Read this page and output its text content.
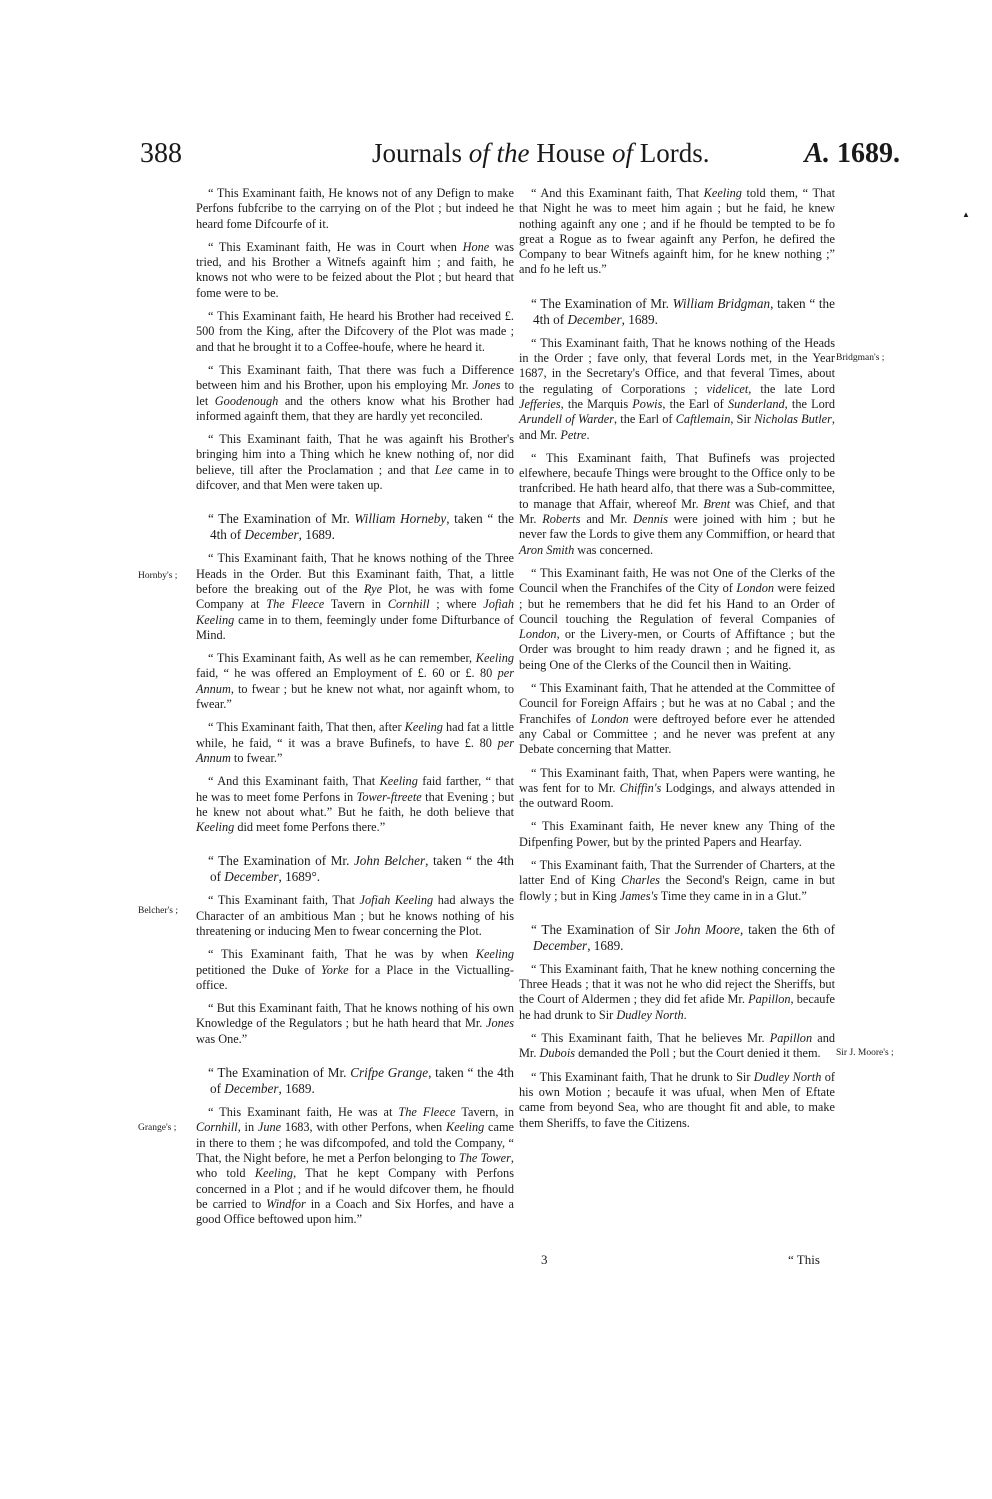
388	Journals of the House of Lords.	A. 1689.
▲
Hornby's ;
Belcher's ;
Grange's ;
Bridgman's ;
Sir J. Moore's ;

“ This Examinant faith, He knows not of any Defign to make Perfons fubfcribe to the carrying on of the Plot ; but indeed he heard fome Difcourfe of it.

“ This Examinant faith, He was in Court when Hone was tried, and his Brother a Witnefs againft him ; and faith, he knows not who were to be feized about the Plot ; but heard that fome were to be.

“ This Examinant faith, He heard his Brother had received £. 500 from the King, after the Difcovery of the Plot was made ; and that he brought it to a Coffee-houfe, where he heard it.

“ This Examinant faith, That there was fuch a Difference between him and his Brother, upon his employing Mr. Jones to let Goodenough and the others know what his Brother had informed againft them, that they are hardly yet reconciled.

“ This Examinant faith, That he was againft his Brother's bringing him into a Thing which he knew nothing of, nor did believe, till after the Proclamation ; and that Lee came in to difcover, and that Men were taken up.

“ The Examination of Mr. William Horneby, taken “ the 4th of December, 1689.

“ This Examinant faith, That he knows nothing of the Three Heads in the Order. But this Examinant faith, That, a little before the breaking out of the Rye Plot, he was with fome Company at The Fleece Tavern in Cornhill ; where Jofiah Keeling came in to them, feemingly under fome Difturbance of Mind.

“ This Examinant faith, As well as he can remember, Keeling faid, “ he was offered an Employment of £. 60 or £. 80 per Annum, to fwear ; but he knew not what, nor againft whom, to fwear.”

“ This Examinant faith, That then, after Keeling had fat a little while, he faid, “ it was a brave Bufinefs, to have £. 80 per Annum to fwear.”

“ And this Examinant faith, That Keeling faid farther, “ that he was to meet fome Perfons in Tower-ftreete that Evening ; but he knew not about what.” But he faith, he doth believe that Keeling did meet fome Perfons there.”

“ The Examination of Mr. John Belcher, taken “ the 4th of December, 1689°.

“ This Examinant faith, That Jofiah Keeling had always the Character of an ambitious Man ; but he knows nothing of his threatening or inducing Men to fwear concerning the Plot.

“ This Examinant faith, That he was by when Keeling petitioned the Duke of Yorke for a Place in the Victualling-office.

“ But this Examinant faith, That he knows nothing of his own Knowledge of the Regulators ; but he hath heard that Mr. Jones was One.”

“ The Examination of Mr. Crifpe Grange, taken “ the 4th of December, 1689.

“ This Examinant faith, He was at The Fleece Tavern, in Cornhill, in June 1683, with other Perfons, when Keeling came in there to them ; he was difcompofed, and told the Company, “ That, the Night before, he met a Perfon belonging to The Tower, who told Keeling, That he kept Company with Perfons concerned in a Plot ; and if he would difcover them, he fhould be carried to Windfor in a Coach and Six Horfes, and have a good Office beftowed upon him.”

“ And this Examinant faith, That Keeling told them, “ That that Night he was to meet him again ; but he faid, he knew nothing againft any one ; and if he fhould be tempted to be fo great a Rogue as to fwear againft any Perfon, he defired the Company to bear Witnefs againft him, for he knew nothing ;” and fo he left us.”

“ The Examination of Mr. William Bridgman, taken “ the 4th of December, 1689.

“ This Examinant faith, That he knows nothing of the Heads in the Order ; fave only, that feveral Lords met, in the Year 1687, in the Secretary's Office, and that feveral Times, about the regulating of Corporations ; videlicet, the late Lord Jefferies, the Marquis Powis, the Earl of Sunderland, the Lord Arundell of Warder, the Earl of Caftlemain, Sir Nicholas Butler, and Mr. Petre.

“ This Examinant faith, That Bufinefs was projected elfewhere, becaufe Things were brought to the Office only to be tranfcribed. He hath heard alfo, that there was a Sub-committee, to manage that Affair, whereof Mr. Brent was Chief, and that Mr. Roberts and Mr. Dennis were joined with him ; but he never faw the Lords to give them any Commiffion, or heard that Aron Smith was concerned.

“ This Examinant faith, He was not One of the Clerks of the Council when the Franchifes of the City of London were feized ; but he remembers that he did fet his Hand to an Order of Council touching the Regulation of feveral Companies of London, or the Livery-men, or Courts of Affiftance ; but the Order was brought to him ready drawn ; and he figned it, as being One of the Clerks of the Council then in Waiting.

“ This Examinant faith, That he attended at the Committee of Council for Foreign Affairs ; but he was at no Cabal ; and the Franchifes of London were deftroyed before ever he attended any Cabal or Committee ; and he never was prefent at any Debate concerning that Matter.

“ This Examinant faith, That, when Papers were wanting, he was fent for to Mr. Chiffin's Lodgings, and always attended in the outward Room.

“ This Examinant faith, He never knew any Thing of the Difpenfing Power, but by the printed Papers and Hearfay.

“ This Examinant faith, That the Surrender of Charters, at the latter End of King Charles the Second's Reign, came in but flowly ; but in King James's Time they came in in a Glut.”

“ The Examination of Sir John Moore, taken the 6th of December, 1689.

“ This Examinant faith, That he knew nothing concerning the Three Heads ; that it was not he who did reject the Sheriffs, but the Court of Aldermen ; they did fet afide Mr. Papillon, becaufe he had drunk to Sir Dudley North.

“ This Examinant faith, That he believes Mr. Papillon and Mr. Dubois demanded the Poll ; but the Court denied it them.

“ This Examinant faith, That he drunk to Sir Dudley North of his own Motion ; becaufe it was ufual, when Men of Eftate came from beyond Sea, who are thought fit and able, to make them Sheriffs, to fave the Citizens.

3	“ This
